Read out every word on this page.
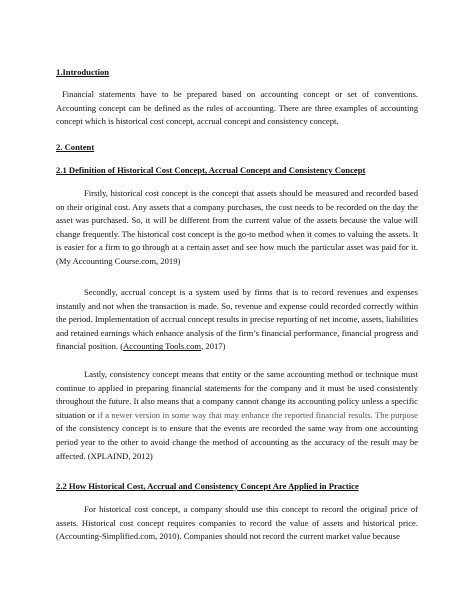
1.Introduction
Financial statements have to be prepared based on accounting concept or set of conventions. Accounting concept can be defined as the rules of accounting. There are three examples of accounting concept which is historical cost concept, accrual concept and consistency concept.
2. Content
2.1 Definition of Historical Cost Concept, Accrual Concept and Consistency Concept
Firstly, historical cost concept is the concept that assets should be measured and recorded based on their original cost. Any assets that a company purchases, the cost needs to be recorded on the day the asset was purchased. So, it will be different from the current value of the assets because the value will change frequently. The historical cost concept is the go-to method when it comes to valuing the assets. It is easier for a firm to go through at a certain asset and see how much the particular asset was paid for it. (My Accounting Course.com, 2019)
Secondly, accrual concept is a system used by firms that is to record revenues and expenses instantly and not when the transaction is made. So, revenue and expense could recorded correctly within the period. Implementation of accrual concept results in precise reporting of net income, assets, liabilities and retained earnings which enhance analysis of the firm’s financial performance, financial progress and financial position. (Accounting Tools.com, 2017)
Lastly, consistency concept means that entity or the same accounting method or technique must continue to applied in preparing financial statements for the company and it must be used consistently throughout the future. It also means that a company cannot change its accounting policy unless a specific situation or if a newer version in some way that may enhance the reported financial results. The purpose of the consistency concept is to ensure that the events are recorded the same way from one accounting period year to the other to avoid change the method of accounting as the accuracy of the result may be affected. (XPLAIND, 2012)
2.2 How Historical Cost, Accrual and Consistency Concept Are Applied in Practice
For historical cost concept, a company should use this concept to record the original price of assets. Historical cost concept requires companies to record the value of assets and historical price. (Accounting-Simplified.com, 2010). Companies should not record the current market value because
